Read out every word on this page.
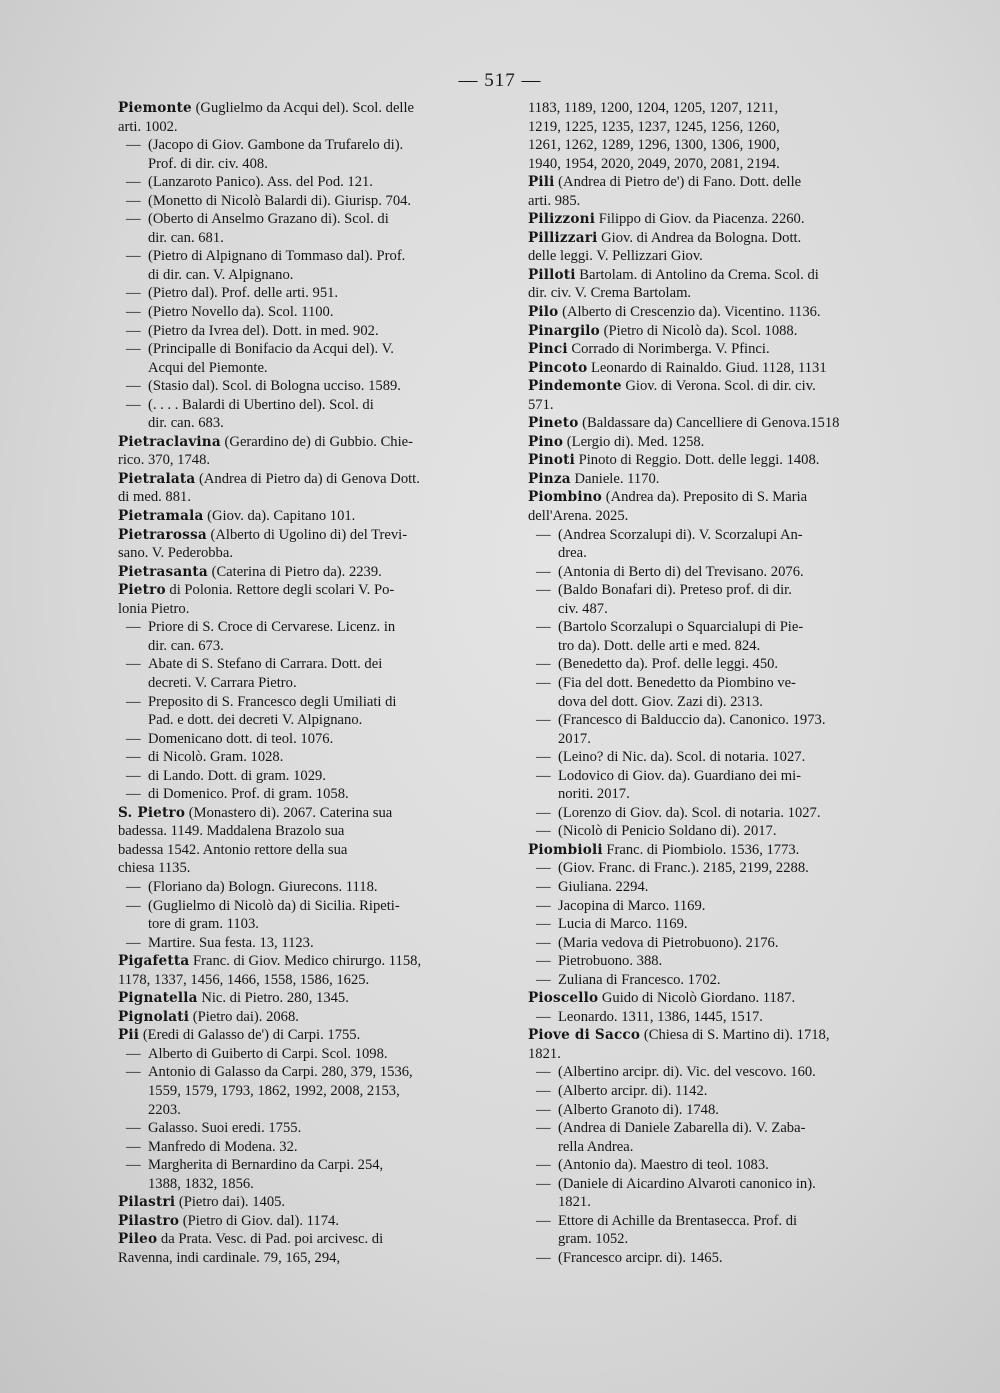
— 517 —
Piemonte (Guglielmo da Acqui del). Scol. delle
arti. 1002.
— (Jacopo di Giov. Gambone da Trufarelo di).
Prof. di dir. civ. 408.
— (Lanzaroto Panico). Ass. del Pod. 121.
— (Monetto di Nicolò Balardi di). Giurisp. 704.
— (Oberto di Anselmo Grazano di). Scol. di
dir. can. 681.
— (Pietro di Alpignano di Tommaso dal). Prof.
di dir. can. V. Alpignano.
— (Pietro dal). Prof. delle arti. 951.
— (Pietro Novello da). Scol. 1100.
— (Pietro da Ivrea del). Dott. in med. 902.
— (Principalle di Bonifacio da Acqui del). V.
Acqui del Piemonte.
— (Stasio dal). Scol. di Bologna ucciso. 1589.
— (. . . . Balardi di Ubertino del). Scol. di
dir. can. 683.
Pietraclavina (Gerardino de) di Gubbio. Chie-
rico. 370, 1748.
Pietralata (Andrea di Pietro da) di Genova Dott.
di med. 881.
Pietramala (Giov. da). Capitano 101.
Pietrarossa (Alberto di Ugolino di) del Trevi-
sano. V. Pederobba.
Pietrasanta (Caterina di Pietro da). 2239.
Pietro di Polonia. Rettore degli scolari V. Po-
lonia Pietro.
— Priore di S. Croce di Cervarese. Licenz. in
dir. can. 673.
— Abate di S. Stefano di Carrara. Dott. dei
decreti. V. Carrara Pietro.
— Preposito di S. Francesco degli Umiliati di
Pad. e dott. dei decreti V. Alpignano.
— Domenicano dott. di teol. 1076.
— di Nicolò. Gram. 1028.
— di Lando. Dott. di gram. 1029.
— di Domenico. Prof. di gram. 1058.
S. Pietro (Monastero di). 2067. Caterina sua
badessa. 1149. Maddalena Brazolo sua
badessa 1542. Antonio rettore della sua
chiesa 1135.
— (Floriano da) Bologn. Giurecons. 1118.
— (Guglielmo di Nicolò da) di Sicilia. Ripeti-
tore di gram. 1103.
— Martire. Sua festa. 13, 1123.
Pigafetta Franc. di Giov. Medico chirurgo. 1158,
1178, 1337, 1456, 1466, 1558, 1586, 1625.
Pignatella Nic. di Pietro. 280, 1345.
Pignolati (Pietro dai). 2068.
Pii (Eredi di Galasso de') di Carpi. 1755.
— Alberto di Guiberto di Carpi. Scol. 1098.
— Antonio di Galasso da Carpi. 280, 379, 1536,
1559, 1579, 1793, 1862, 1992, 2008, 2153,
2203.
— Galasso. Suoi eredi. 1755.
— Manfredo di Modena. 32.
— Margherita di Bernardino da Carpi. 254,
1388, 1832, 1856.
Pilastri (Pietro dai). 1405.
Pilastro (Pietro di Giov. dal). 1174.
Pileo da Prata. Vesc. di Pad. poi arcivesc. di
Ravenna, indi cardinale. 79, 165, 294,
1183, 1189, 1200, 1204, 1205, 1207, 1211,
1219, 1225, 1235, 1237, 1245, 1256, 1260,
1261, 1262, 1289, 1296, 1300, 1306, 1900,
1940, 1954, 2020, 2049, 2070, 2081, 2194.
Pili (Andrea di Pietro de') di Fano. Dott. delle
arti. 985.
Pilizzoni Filippo di Giov. da Piacenza. 2260.
Pillizzari Giov. di Andrea da Bologna. Dott.
delle leggi. V. Pellizzari Giov.
Pilloti Bartolam. di Antolino da Crema. Scol. di
dir. civ. V. Crema Bartolam.
Pilo (Alberto di Crescenzio da). Vicentino. 1136.
Pinargilo (Pietro di Nicolò da). Scol. 1088.
Pinci Corrado di Norimberga. V. Pfinci.
Pincoto Leonardo di Rainaldo. Giud. 1128, 1131
Pindemonte Giov. di Verona. Scol. di dir. civ.
571.
Pineto (Baldassare da) Cancelliere di Genova.1518
Pino (Lergio di). Med. 1258.
Pinoti Pinoto di Reggio. Dott. delle leggi. 1408.
Pinza Daniele. 1170.
Piombino (Andrea da). Preposito di S. Maria
dell'Arena. 2025.
— (Andrea Scorzalupi di). V. Scorzalupi An-
drea.
— (Antonia di Berto di) del Trevisano. 2076.
— (Baldo Bonafari di). Preteso prof. di dir.
civ. 487.
— (Bartolo Scorzalupi o Squarcialupi di Pie-
tro da). Dott. delle arti e med. 824.
— (Benedetto da). Prof. delle leggi. 450.
— (Fia del dott. Benedetto da Piombino ve-
dova del dott. Giov. Zazi di). 2313.
— (Francesco di Balduccio da). Canonico. 1973.
2017.
— (Leino? di Nic. da). Scol. di notaria. 1027.
— Lodovico di Giov. da). Guardiano dei mi-
noriti. 2017.
— (Lorenzo di Giov. da). Scol. di notaria. 1027.
— (Nicolò di Penicio Soldano di). 2017.
Piombioli Franc. di Piombiolo. 1536, 1773.
— (Giov. Franc. di Franc.). 2185, 2199, 2288.
— Giuliana. 2294.
— Jacopina di Marco. 1169.
— Lucia di Marco. 1169.
— (Maria vedova di Pietrobuono). 2176.
— Pietrobuono. 388.
— Zuliana di Francesco. 1702.
Pioscello Guido di Nicolò Giordano. 1187.
— Leonardo. 1311, 1386, 1445, 1517.
Piove di Sacco (Chiesa di S. Martino di). 1718,
1821.
— (Albertino arcipr. di). Vic. del vescovo. 160.
— (Alberto arcipr. di). 1142.
— (Alberto Granoto di). 1748.
— (Andrea di Daniele Zabarella di). V. Zaba-
rella Andrea.
— (Antonio da). Maestro di teol. 1083.
— (Daniele di Aicardino Alvaroti canonico in).
1821.
— Ettore di Achille da Brentasecca. Prof. di
gram. 1052.
— (Francesco arcipr. di). 1465.
